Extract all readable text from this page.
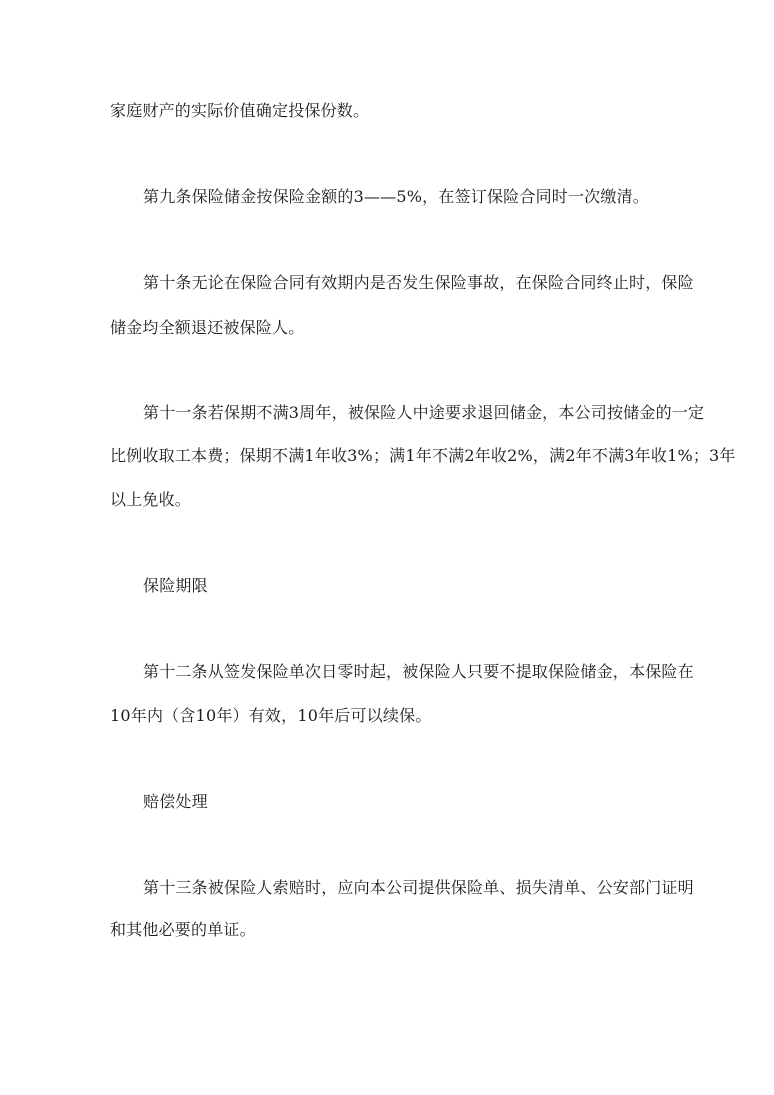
家庭财产的实际价值确定投保份数。
第九条保险储金按保险金额的3——5%，在签订保险合同时一次缴清。
第十条无论在保险合同有效期内是否发生保险事故，在保险合同终止时，保险
储金均全额退还被保险人。
第十一条若保期不满3周年，被保险人中途要求退回储金，本公司按储金的一定
比例收取工本费；保期不满1年收3%；满1年不满2年收2%，满2年不满3年收1%；3年
以上免收。
保险期限
第十二条从签发保险单次日零时起，被保险人只要不提取保险储金，本保险在
10年内（含10年）有效，10年后可以续保。
赔偿处理
第十三条被保险人索赔时，应向本公司提供保险单、损失清单、公安部门证明
和其他必要的单证。
